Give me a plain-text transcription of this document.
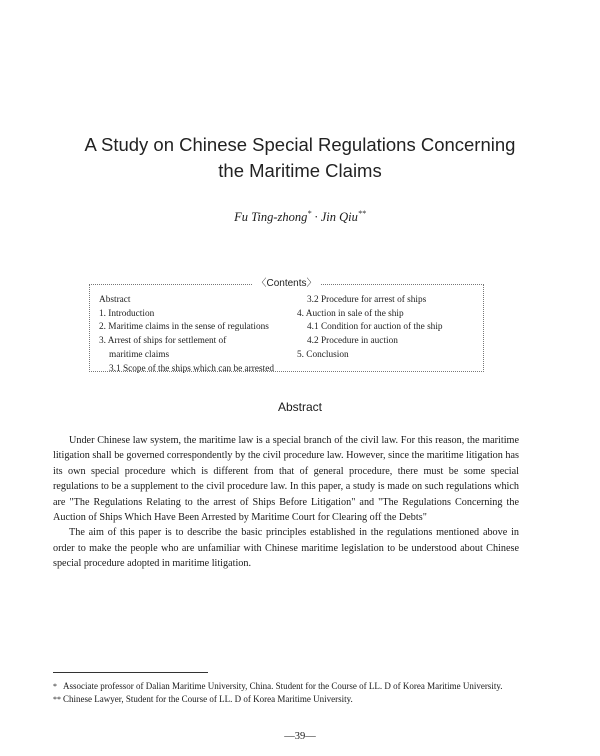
A Study on Chinese Special Regulations Concerning
the Maritime Claims
Fu Ting-zhong* · Jin Qiu**
〈Contents〉
Abstract
1. Introduction
2. Maritime claims in the sense of regulations
3. Arrest of ships for settlement of
maritime claims
3.1 Scope of the ships which can be arrested
3.2 Procedure for arrest of ships
4. Auction in sale of the ship
4.1 Condition for auction of the ship
4.2 Procedure in auction
5. Conclusion
Abstract

Under Chinese law system, the maritime law is a special branch of the civil law. For this reason, the maritime litigation shall be governed correspondently by the civil procedure law. However, since the maritime litigation has its own special procedure which is different from that of general procedure, there must be some special regulations to be a supplement to the civil procedure law. In this paper, a study is made on such regulations which are "The Regulations Relating to the arrest of Ships Before Litigation" and "The Regulations Concerning the Auction of Ships Which Have Been Arrested by Maritime Court for Clearing off the Debts"

The aim of this paper is to describe the basic principles established in the regulations mentioned above in order to make the people who are unfamiliar with Chinese maritime legislation to be understood about Chinese special procedure adopted in maritime litigation.

* Associate professor of Dalian Maritime University, China. Student for the Course of LL. D of Korea Maritime University.
** Chinese Lawyer, Student for the Course of LL. D of Korea Maritime University.
—39—
